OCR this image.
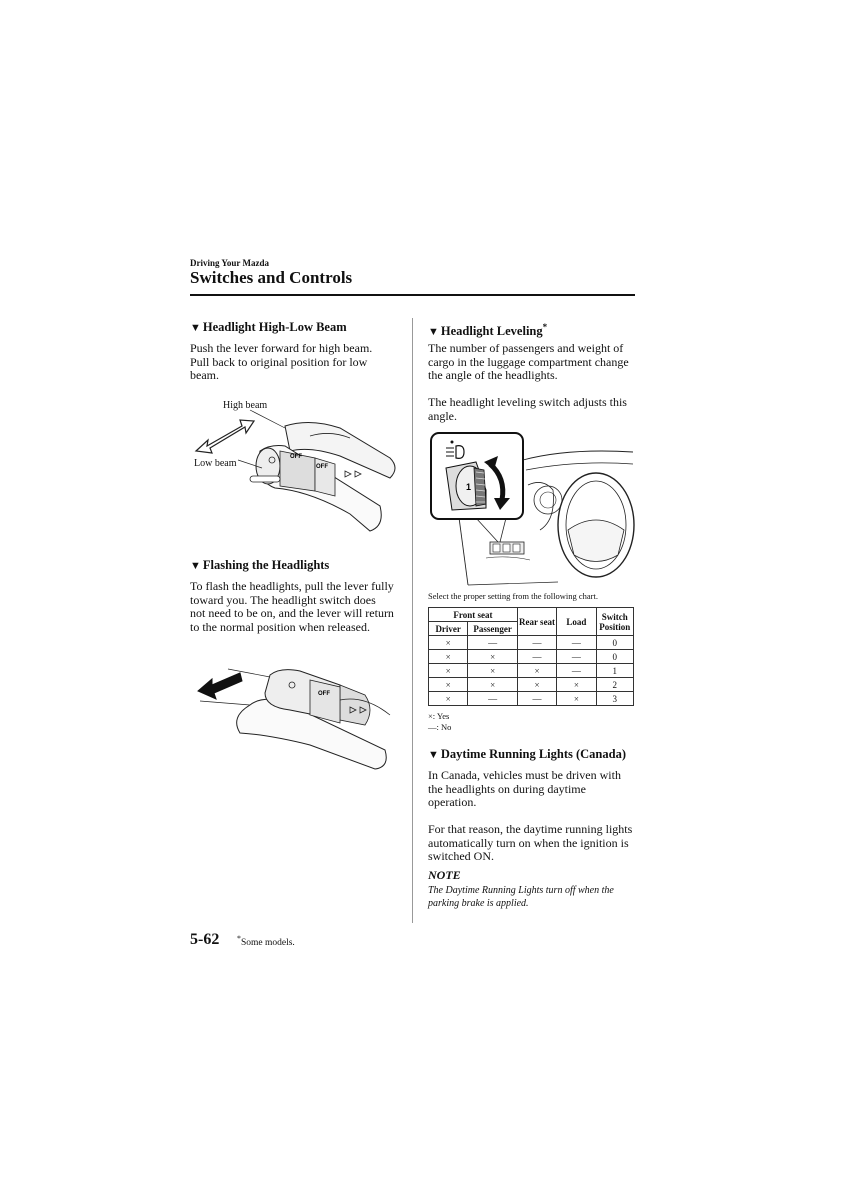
Driving Your Mazda
Switches and Controls
▼ Headlight High-Low Beam
Push the lever forward for high beam.
Pull back to original position for low
beam.
OFF
OFF
High beam
Low beam
▼ Flashing the Headlights
To flash the headlights, pull the lever fully
toward you. The headlight switch does
not need to be on, and the lever will return
to the normal position when released.
OFF
▼ Headlight Leveling*
The number of passengers and weight of
cargo in the luggage compartment change
the angle of the headlights.
The headlight leveling switch adjusts this
angle.
1
Select the proper setting from the following chart.
Front seat		Rear seat	Load	Switch Position
Driver	Passenger			
×	—	—	—	0
×	×	—	—	0
×	×	×	—	1
×	×	×	×	2
×	—	—	×	3
×: Yes
—: No
▼ Daytime Running Lights (Canada)
In Canada, vehicles must be driven with
the headlights on during daytime
operation.
For that reason, the daytime running lights
automatically turn on when the ignition is
switched ON.
NOTE
The Daytime Running Lights turn off when the
parking brake is applied.
5-62 *Some models.
